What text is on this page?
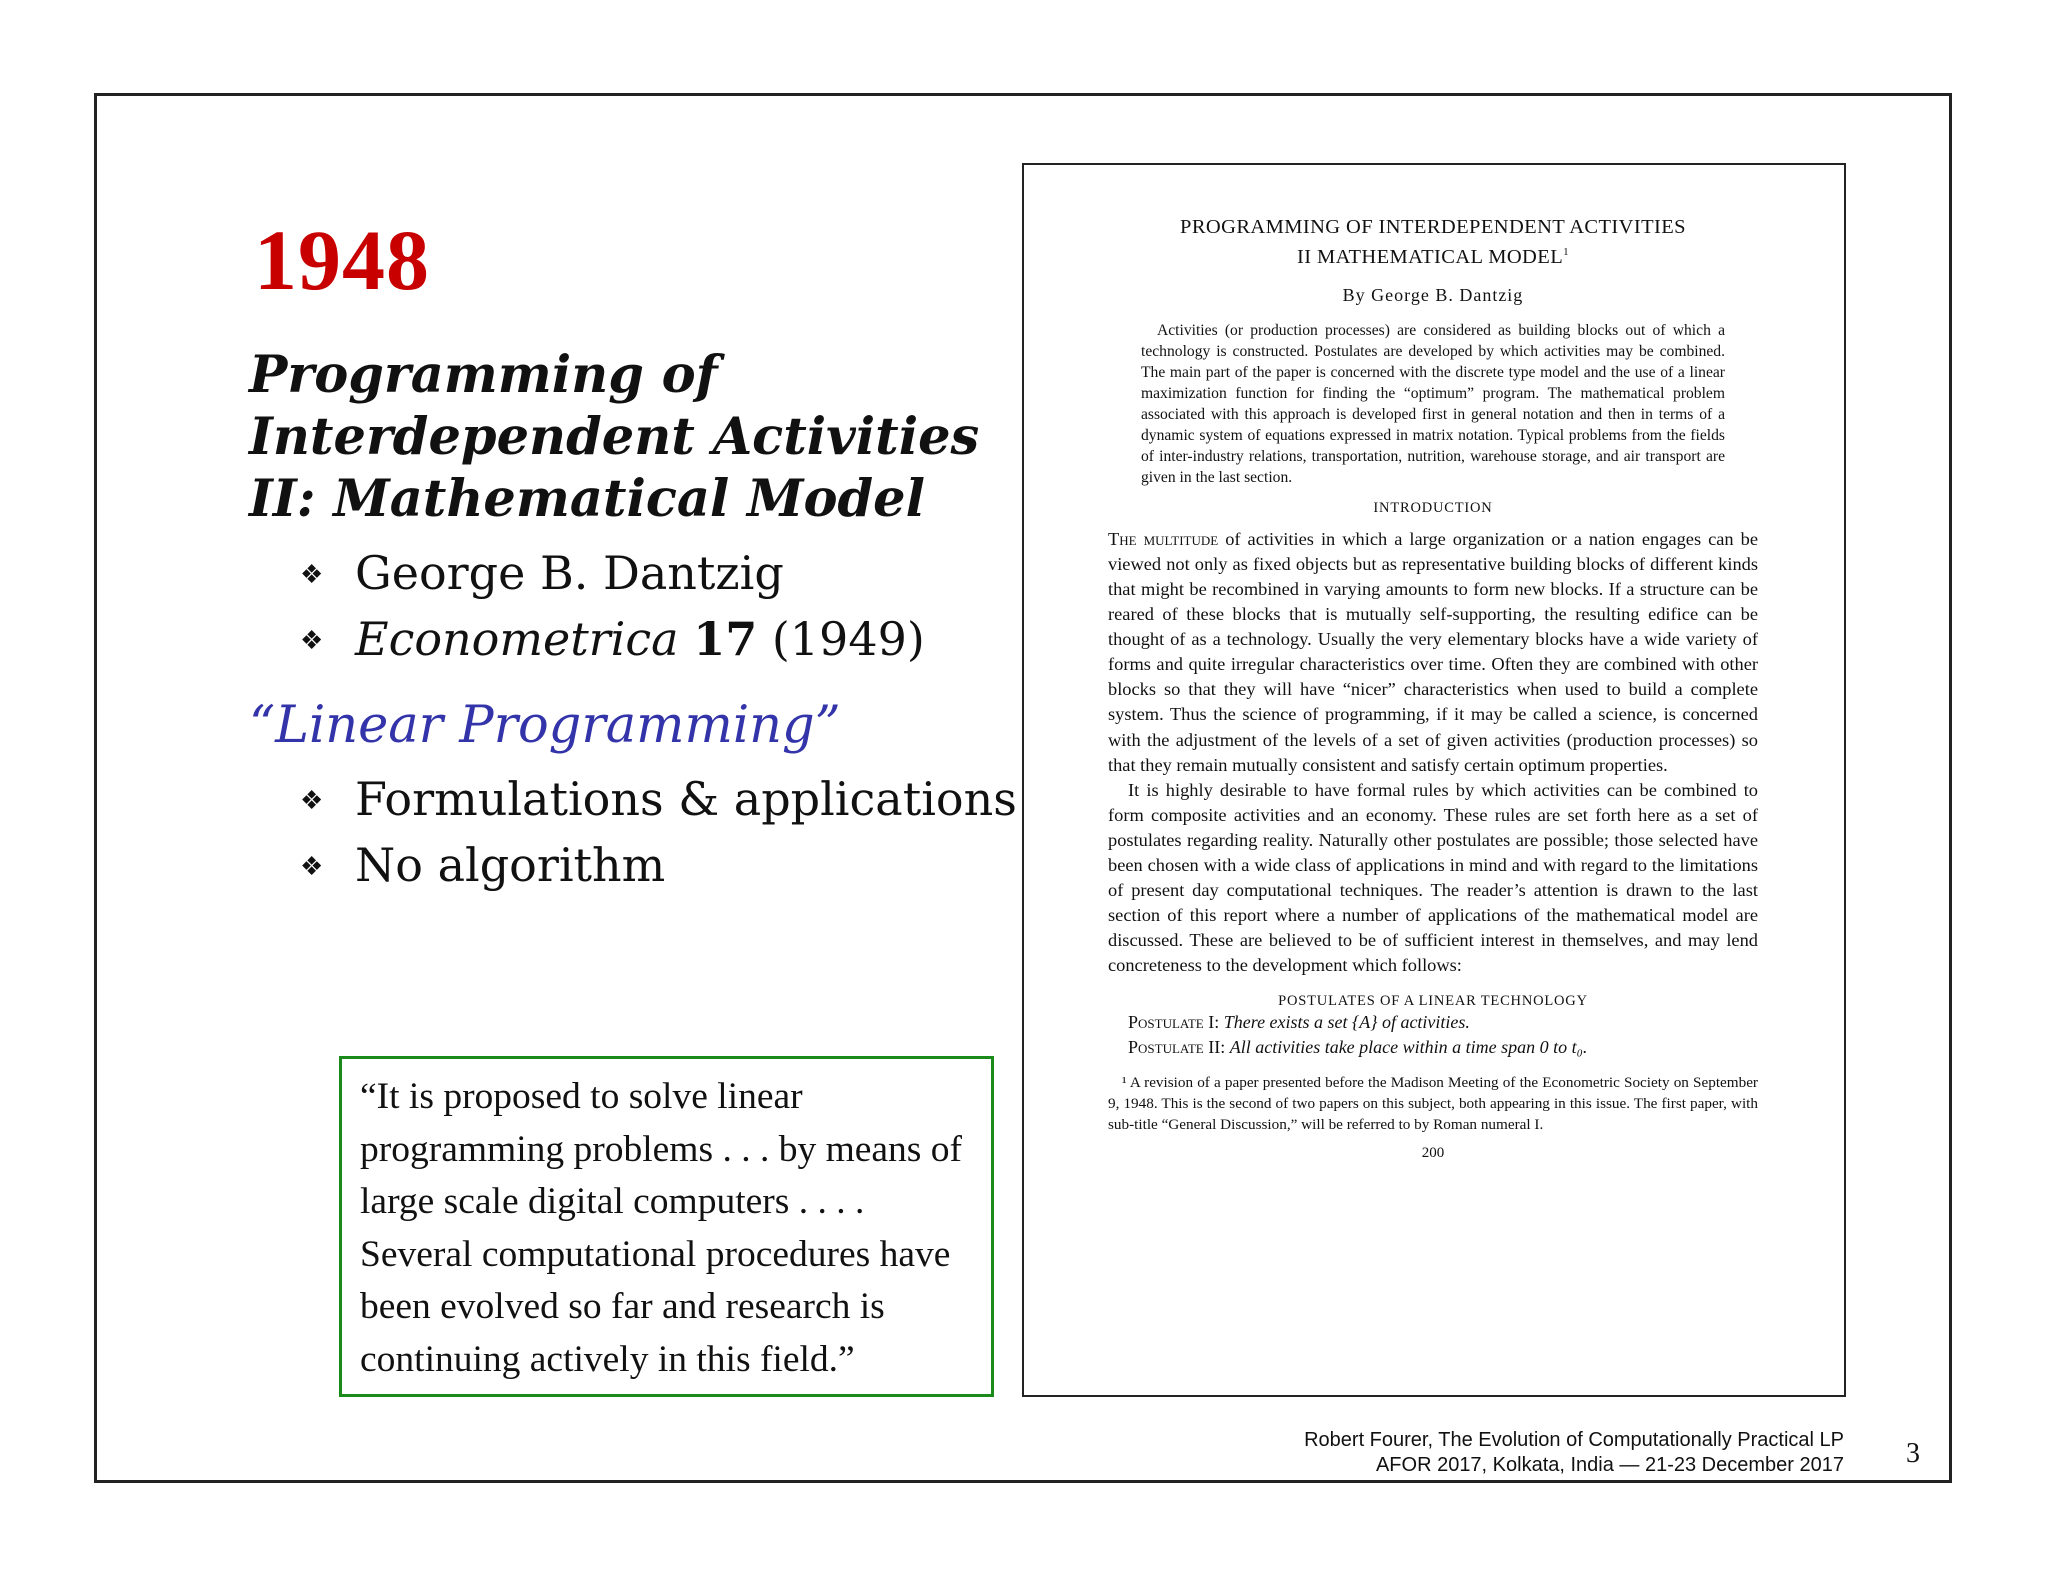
1948
Programming of
Interdependent Activities
II: Mathematical Model
❖ George B. Dantzig
❖ Econometrica 17 (1949)
“Linear Programming”
❖ Formulations & applications
❖ No algorithm

“It is proposed to solve linear programming problems . . . by means of large scale digital computers . . . . Several computational procedures have been evolved so far and research is continuing actively in this field.”

PROGRAMMING OF INTERDEPENDENT ACTIVITIES
II MATHEMATICAL MODEL$^1$
By George B. Dantzig
Activities (or production processes) are considered as building blocks out of which a technology is constructed. Postulates are developed by which activities may be combined. The main part of the paper is concerned with the discrete type model and the use of a linear maximization function for finding the “optimum” program. The mathematical problem associated with this approach is developed first in general notation and then in terms of a dynamic system of equations expressed in matrix notation. Typical problems from the fields of inter-industry relations, transportation, nutrition, warehouse storage, and air transport are given in the last section.
INTRODUCTION

The multitude of activities in which a large organization or a nation engages can be viewed not only as fixed objects but as representative building blocks of different kinds that might be recombined in varying amounts to form new blocks. If a structure can be reared of these blocks that is mutually self-supporting, the resulting edifice can be thought of as a technology. Usually the very elementary blocks have a wide variety of forms and quite irregular characteristics over time. Often they are combined with other blocks so that they will have “nicer” characteristics when used to build a complete system. Thus the science of programming, if it may be called a science, is concerned with the adjustment of the levels of a set of given activities (production processes) so that they remain mutually consistent and satisfy certain optimum properties.

It is highly desirable to have formal rules by which activities can be combined to form composite activities and an economy. These rules are set forth here as a set of postulates regarding reality. Naturally other postulates are possible; those selected have been chosen with a wide class of applications in mind and with regard to the limitations of present day computational techniques. The reader’s attention is drawn to the last section of this report where a number of applications of the mathematical model are discussed. These are believed to be of sufficient interest in themselves, and may lend concreteness to the development which follows:

POSTULATES OF A LINEAR TECHNOLOGY
Postulate I: There exists a set {A} of activities.
Postulate II: All activities take place within a time span 0 to t₀.
¹ A revision of a paper presented before the Madison Meeting of the Econometric Society on September 9, 1948. This is the second of two papers on this subject, both appearing in this issue. The first paper, with sub-title “General Discussion,” will be referred to by Roman numeral I.
200
Robert Fourer, The Evolution of Computationally Practical LP
AFOR 2017, Kolkata, India — 21-23 December 2017 3
